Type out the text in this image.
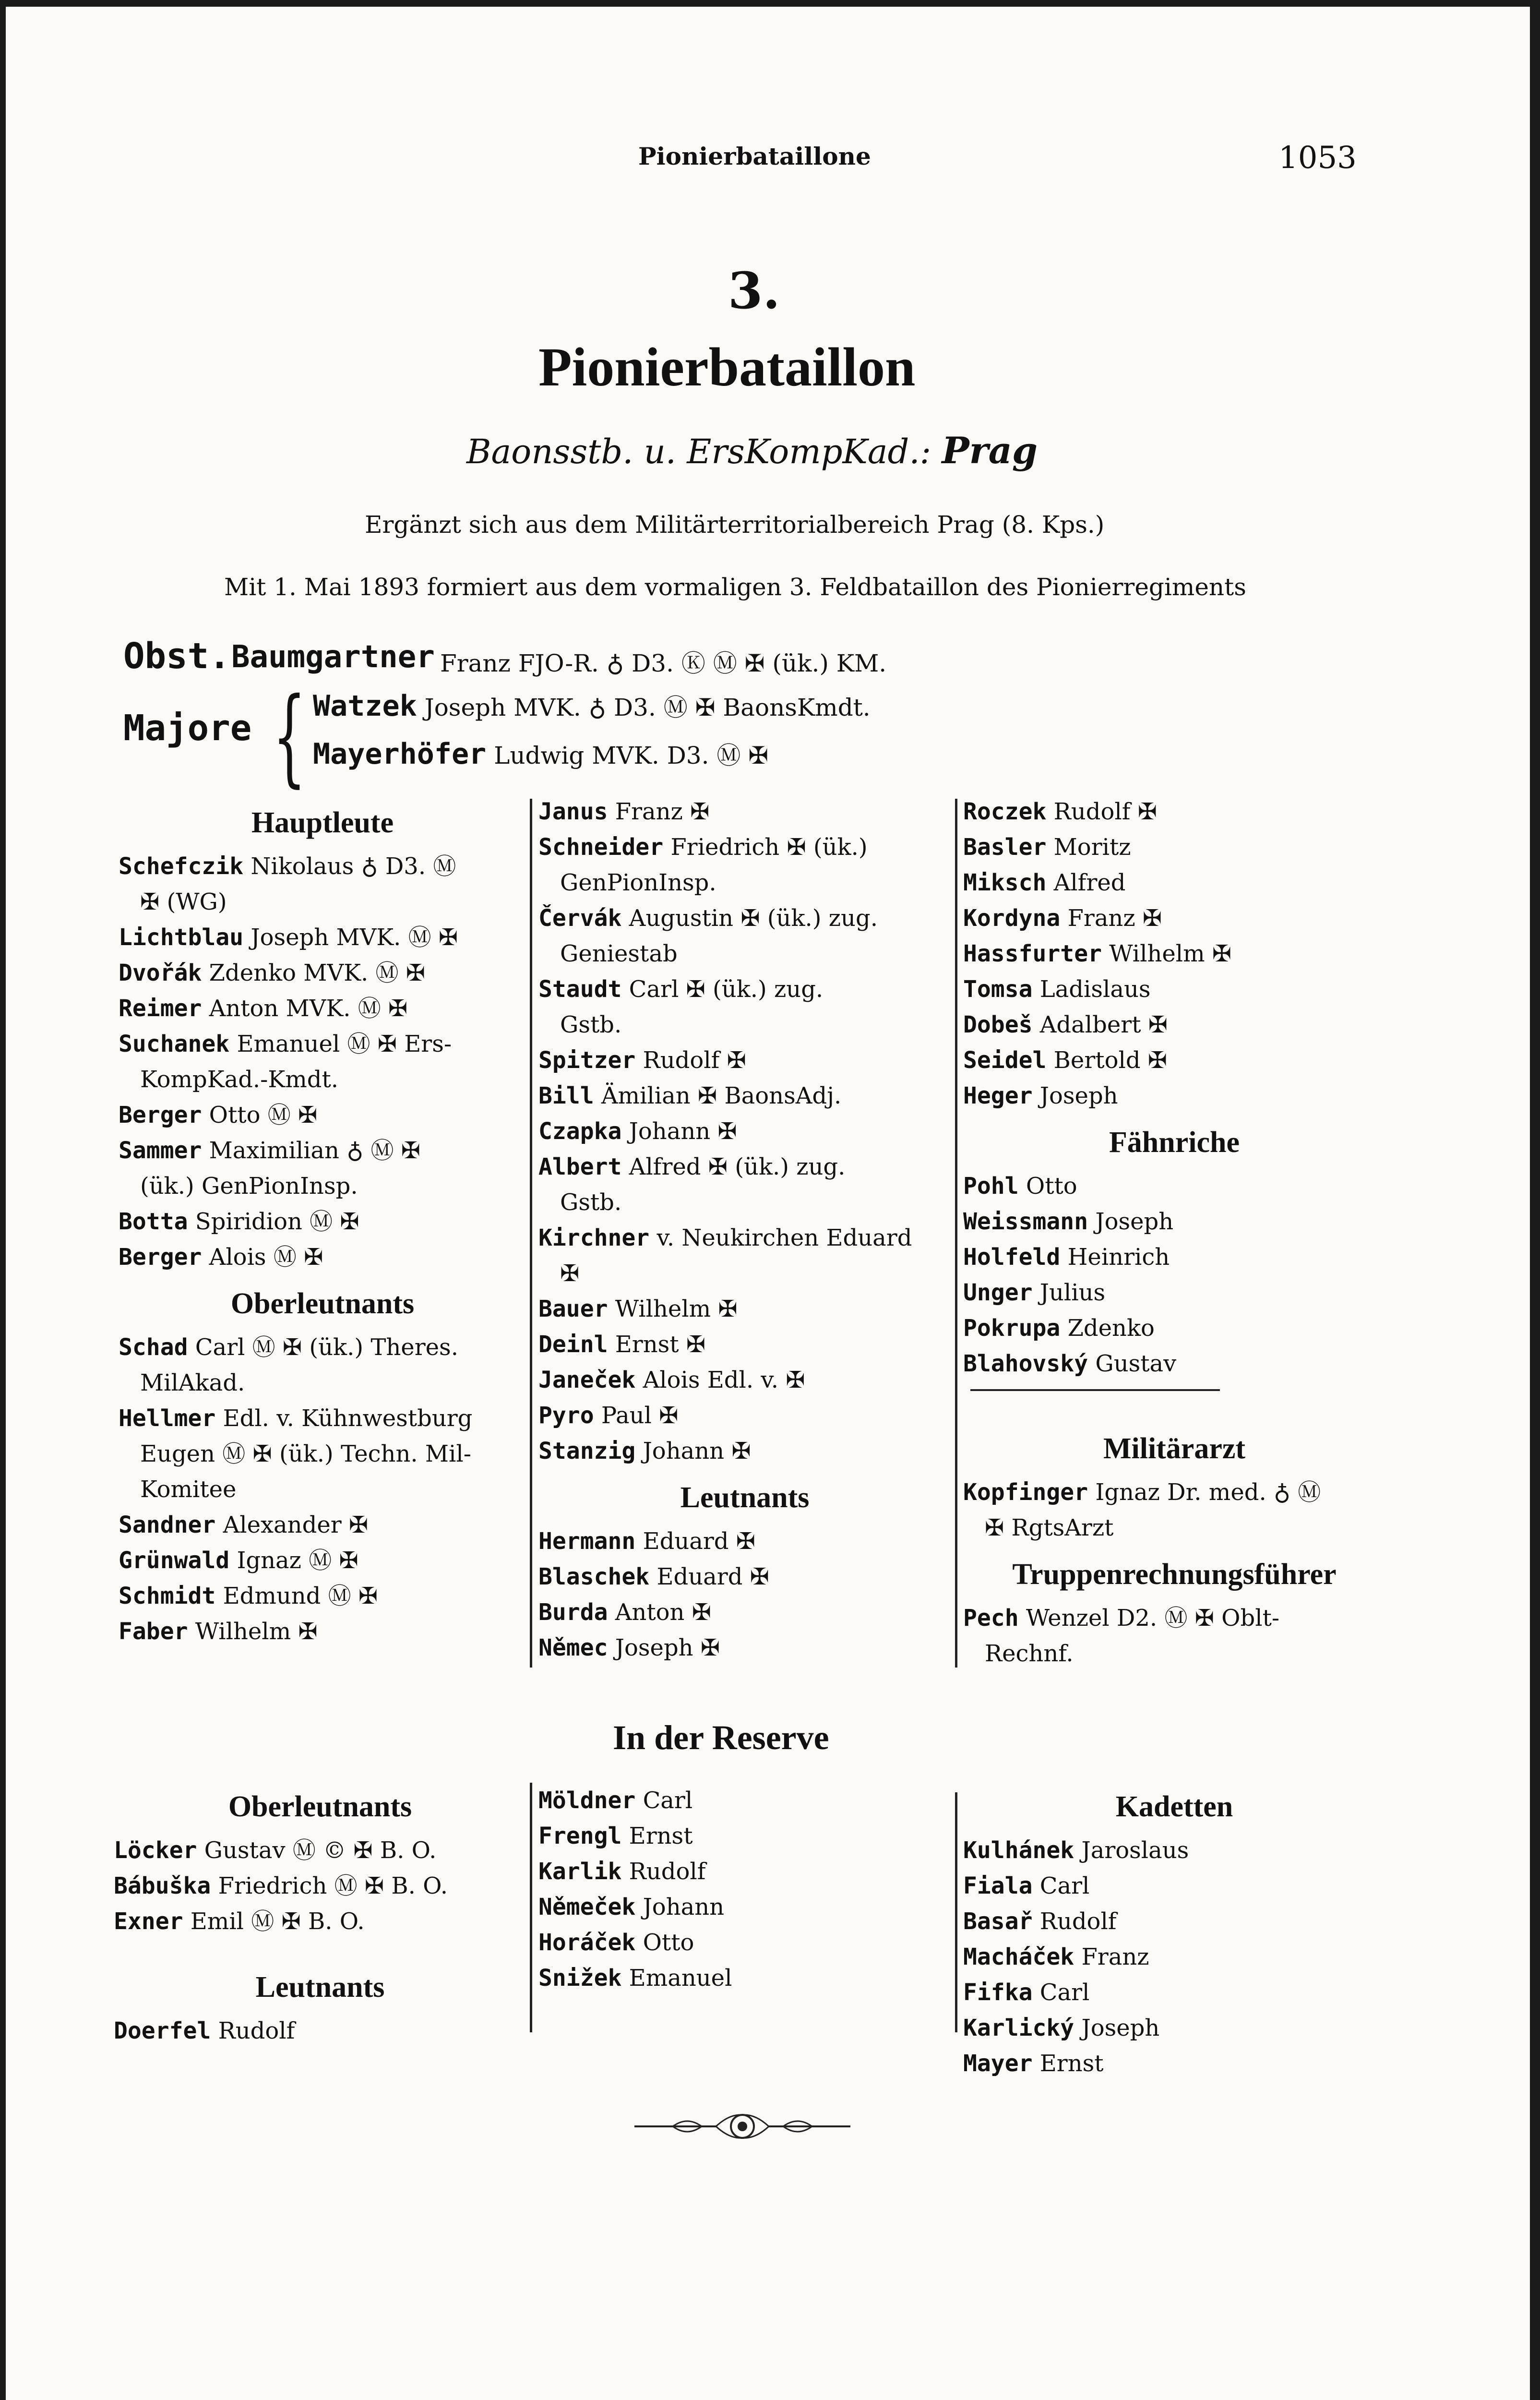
Pionierbataillone	1053
3.
Pionierbataillon
Baonsstb. u. ErsKompKad.: Prag
Ergänzt sich aus dem Militärterritorialbereich Prag (8. Kps.)
Mit 1. Mai 1893 formiert aus dem vormaligen 3. Feldbataillon des Pionierregiments
Obst. Baumgartner Franz FJO-R. ♁ D3. Ⓚ Ⓜ ✠ (ük.) KM.
Majore { Watzek Joseph MVK. ♁ D3. Ⓜ ✠ BaonsKmdt.
Mayerhöfer Ludwig MVK. D3. Ⓜ ✠
Hauptleute
Schefczik Nikolaus ♁ D3. Ⓜ
✠ (WG)
Lichtblau Joseph MVK. Ⓜ ✠
Dvořák Zdenko MVK. Ⓜ ✠
Reimer Anton MVK. Ⓜ ✠
Suchanek Emanuel Ⓜ ✠ Ers-
KompKad.-Kmdt.
Berger Otto Ⓜ ✠
Sammer Maximilian ♁ Ⓜ ✠
(ük.) GenPionInsp.
Botta Spiridion Ⓜ ✠
Berger Alois Ⓜ ✠
Oberleutnants
Schad Carl Ⓜ ✠ (ük.) Theres.
MilAkad.
Hellmer Edl. v. Kühnwestburg
Eugen Ⓜ ✠ (ük.) Techn. Mil-
Komitee
Sandner Alexander ✠
Grünwald Ignaz Ⓜ ✠
Schmidt Edmund Ⓜ ✠
Faber Wilhelm ✠
Janus Franz ✠
Schneider Friedrich ✠ (ük.)
GenPionInsp.
Červák Augustin ✠ (ük.) zug.
Geniestab
Staudt Carl ✠ (ük.) zug.
Gstb.
Spitzer Rudolf ✠
Bill Ämilian ✠ BaonsAdj.
Czapka Johann ✠
Albert Alfred ✠ (ük.) zug.
Gstb.
Kirchner v. Neukirchen Eduard
✠
Bauer Wilhelm ✠
Deinl Ernst ✠
Janeček Alois Edl. v. ✠
Pyro Paul ✠
Stanzig Johann ✠
Leutnants
Hermann Eduard ✠
Blaschek Eduard ✠
Burda Anton ✠
Němec Joseph ✠
Roczek Rudolf ✠
Basler Moritz
Miksch Alfred
Kordyna Franz ✠
Hassfurter Wilhelm ✠
Tomsa Ladislaus
Dobeš Adalbert ✠
Seidel Bertold ✠
Heger Joseph
Fähnriche
Pohl Otto
Weissmann Joseph
Holfeld Heinrich
Unger Julius
Pokrupa Zdenko
Blahovský Gustav
Militärarzt
Kopfinger Ignaz Dr. med. ♁ Ⓜ
✠ RgtsArzt
Truppenrechnungsführer
Pech Wenzel D2. Ⓜ ✠ Oblt-
Rechnf.
In der Reserve
Oberleutnants
Löcker Gustav Ⓜ © ✠ B. O.
Bábuška Friedrich Ⓜ ✠ B. O.
Exner Emil Ⓜ ✠ B. O.
Leutnants
Doerfel Rudolf
Möldner Carl
Frengl Ernst
Karlik Rudolf
Němeček Johann
Horáček Otto
Snižek Emanuel
Kadetten
Kulhánek Jaroslaus
Fiala Carl
Basař Rudolf
Macháček Franz
Fifka Carl
Karlický Joseph
Mayer Ernst
